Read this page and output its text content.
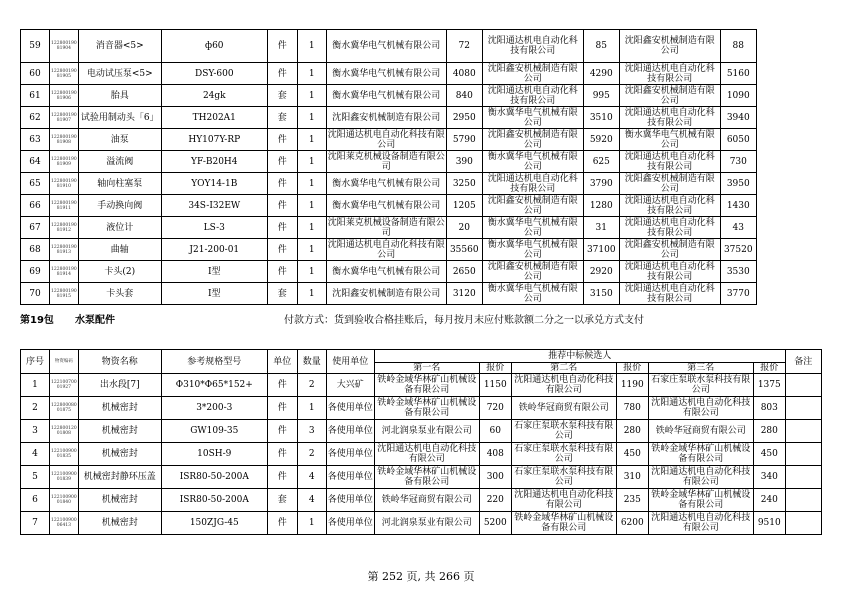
59	122800190 81904	消音器<5>	ф60	件	1	衡水冀华电气机械有限公司	72	沈阳通达机电自动化科技有限公司	85	沈阳鑫安机械制造有限公司	88
60	122800190 81905	电动试压泵<5>	DSY-600	件	1	衡水冀华电气机械有限公司	4080	沈阳鑫安机械制造有限公司	4290	沈阳通达机电自动化科技有限公司	5160
61	122800190 81906	胎具	24gk	套	1	衡水冀华电气机械有限公司	840	沈阳通达机电自动化科技有限公司	995	沈阳鑫安机械制造有限公司	1090
62	122800190 81907	试验用制动头「6」	TH202A1	套	1	沈阳鑫安机械制造有限公司	2950	衡水冀华电气机械有限公司	3510	沈阳通达机电自动化科技有限公司	3940
63	122800190 81908	油泵	HY107Y-RP	件	1	沈阳通达机电自动化科技有限公司	5790	沈阳鑫安机械制造有限公司	5920	衡水冀华电气机械有限公司	6050
64	122800190 81909	溢流阀	YF-B20H4	件	1	沈阳莱克机械设备制造有限公司	390	衡水冀华电气机械有限公司	625	沈阳通达机电自动化科技有限公司	730
65	122800190 81910	轴向柱塞泵	YOY14-1B	件	1	衡水冀华电气机械有限公司	3250	沈阳通达机电自动化科技有限公司	3790	沈阳鑫安机械制造有限公司	3950
66	122800190 81911	手动换向阀	34S-I32EW	件	1	衡水冀华电气机械有限公司	1205	沈阳鑫安机械制造有限公司	1280	沈阳通达机电自动化科技有限公司	1430
67	122800190 81912	液位计	LS-3	件	1	沈阳莱克机械设备制造有限公司	20	衡水冀华电气机械有限公司	31	沈阳通达机电自动化科技有限公司	43
68	122800190 81913	曲轴	J21-200-01	件	1	沈阳通达机电自动化科技有限公司	35560	衡水冀华电气机械有限公司	37100	沈阳鑫安机械制造有限公司	37520
69	122800190 81914	卡头(2)	I型	件	1	衡水冀华电气机械有限公司	2650	沈阳鑫安机械制造有限公司	2920	沈阳通达机电自动化科技有限公司	3530
70	122800190 81915	卡头套	I型	套	1	沈阳鑫安机械制造有限公司	3120	衡水冀华电气机械有限公司	3150	沈阳通达机电自动化科技有限公司	3770
第19包 水泵配件	付款方式：货到验收合格挂账后，每月按月末应付账款额二分之一以承兑方式支付
序号	物资编码	物资名称	参考规格型号	单位	数量	使用单位	推荐中标候选人						备注
							第一名	报价	第二名	报价	第三名	报价	
1	122100700 01927	出水段[7]	Φ310*Φ65*152+	件	2	大兴矿	铁岭金域华林矿山机械设备有限公司	1150	沈阳通达机电自动化科技有限公司	1190	石家庄泵联水泵科技有限公司	1375	
2	122800080 01875	机械密封	3*200-3	件	1	各使用单位	铁岭金域华林矿山机械设备有限公司	720	铁岭华冠商贸有限公司	780	沈阳通达机电自动化科技有限公司	803	
3	122800120 01808	机械密封	GW109-35	件	3	各使用单位	河北润泉泵业有限公司	60	石家庄泵联水泵科技有限公司	280	铁岭华冠商贸有限公司	280	
4	122100900 01835	机械密封	10SH-9	件	2	各使用单位	沈阳通达机电自动化科技有限公司	408	石家庄泵联水泵科技有限公司	450	铁岭金域华林矿山机械设备有限公司	450	
5	122100900 01839	机械密封静环压盖	ISR80-50-200A	件	4	各使用单位	铁岭金域华林矿山机械设备有限公司	300	石家庄泵联水泵科技有限公司	310	沈阳通达机电自动化科技有限公司	340	
6	122100900 01840	机械密封	ISR80-50-200A	套	4	各使用单位	铁岭华冠商贸有限公司	220	沈阳通达机电自动化科技有限公司	235	铁岭金域华林矿山机械设备有限公司	240	
7	122100900 06413	机械密封	150ZJG-45	件	1	各使用单位	河北润泉泵业有限公司	5200	铁岭金域华林矿山机械设备有限公司	6200	沈阳通达机电自动化科技有限公司	9510	
第 252 页, 共 266 页
